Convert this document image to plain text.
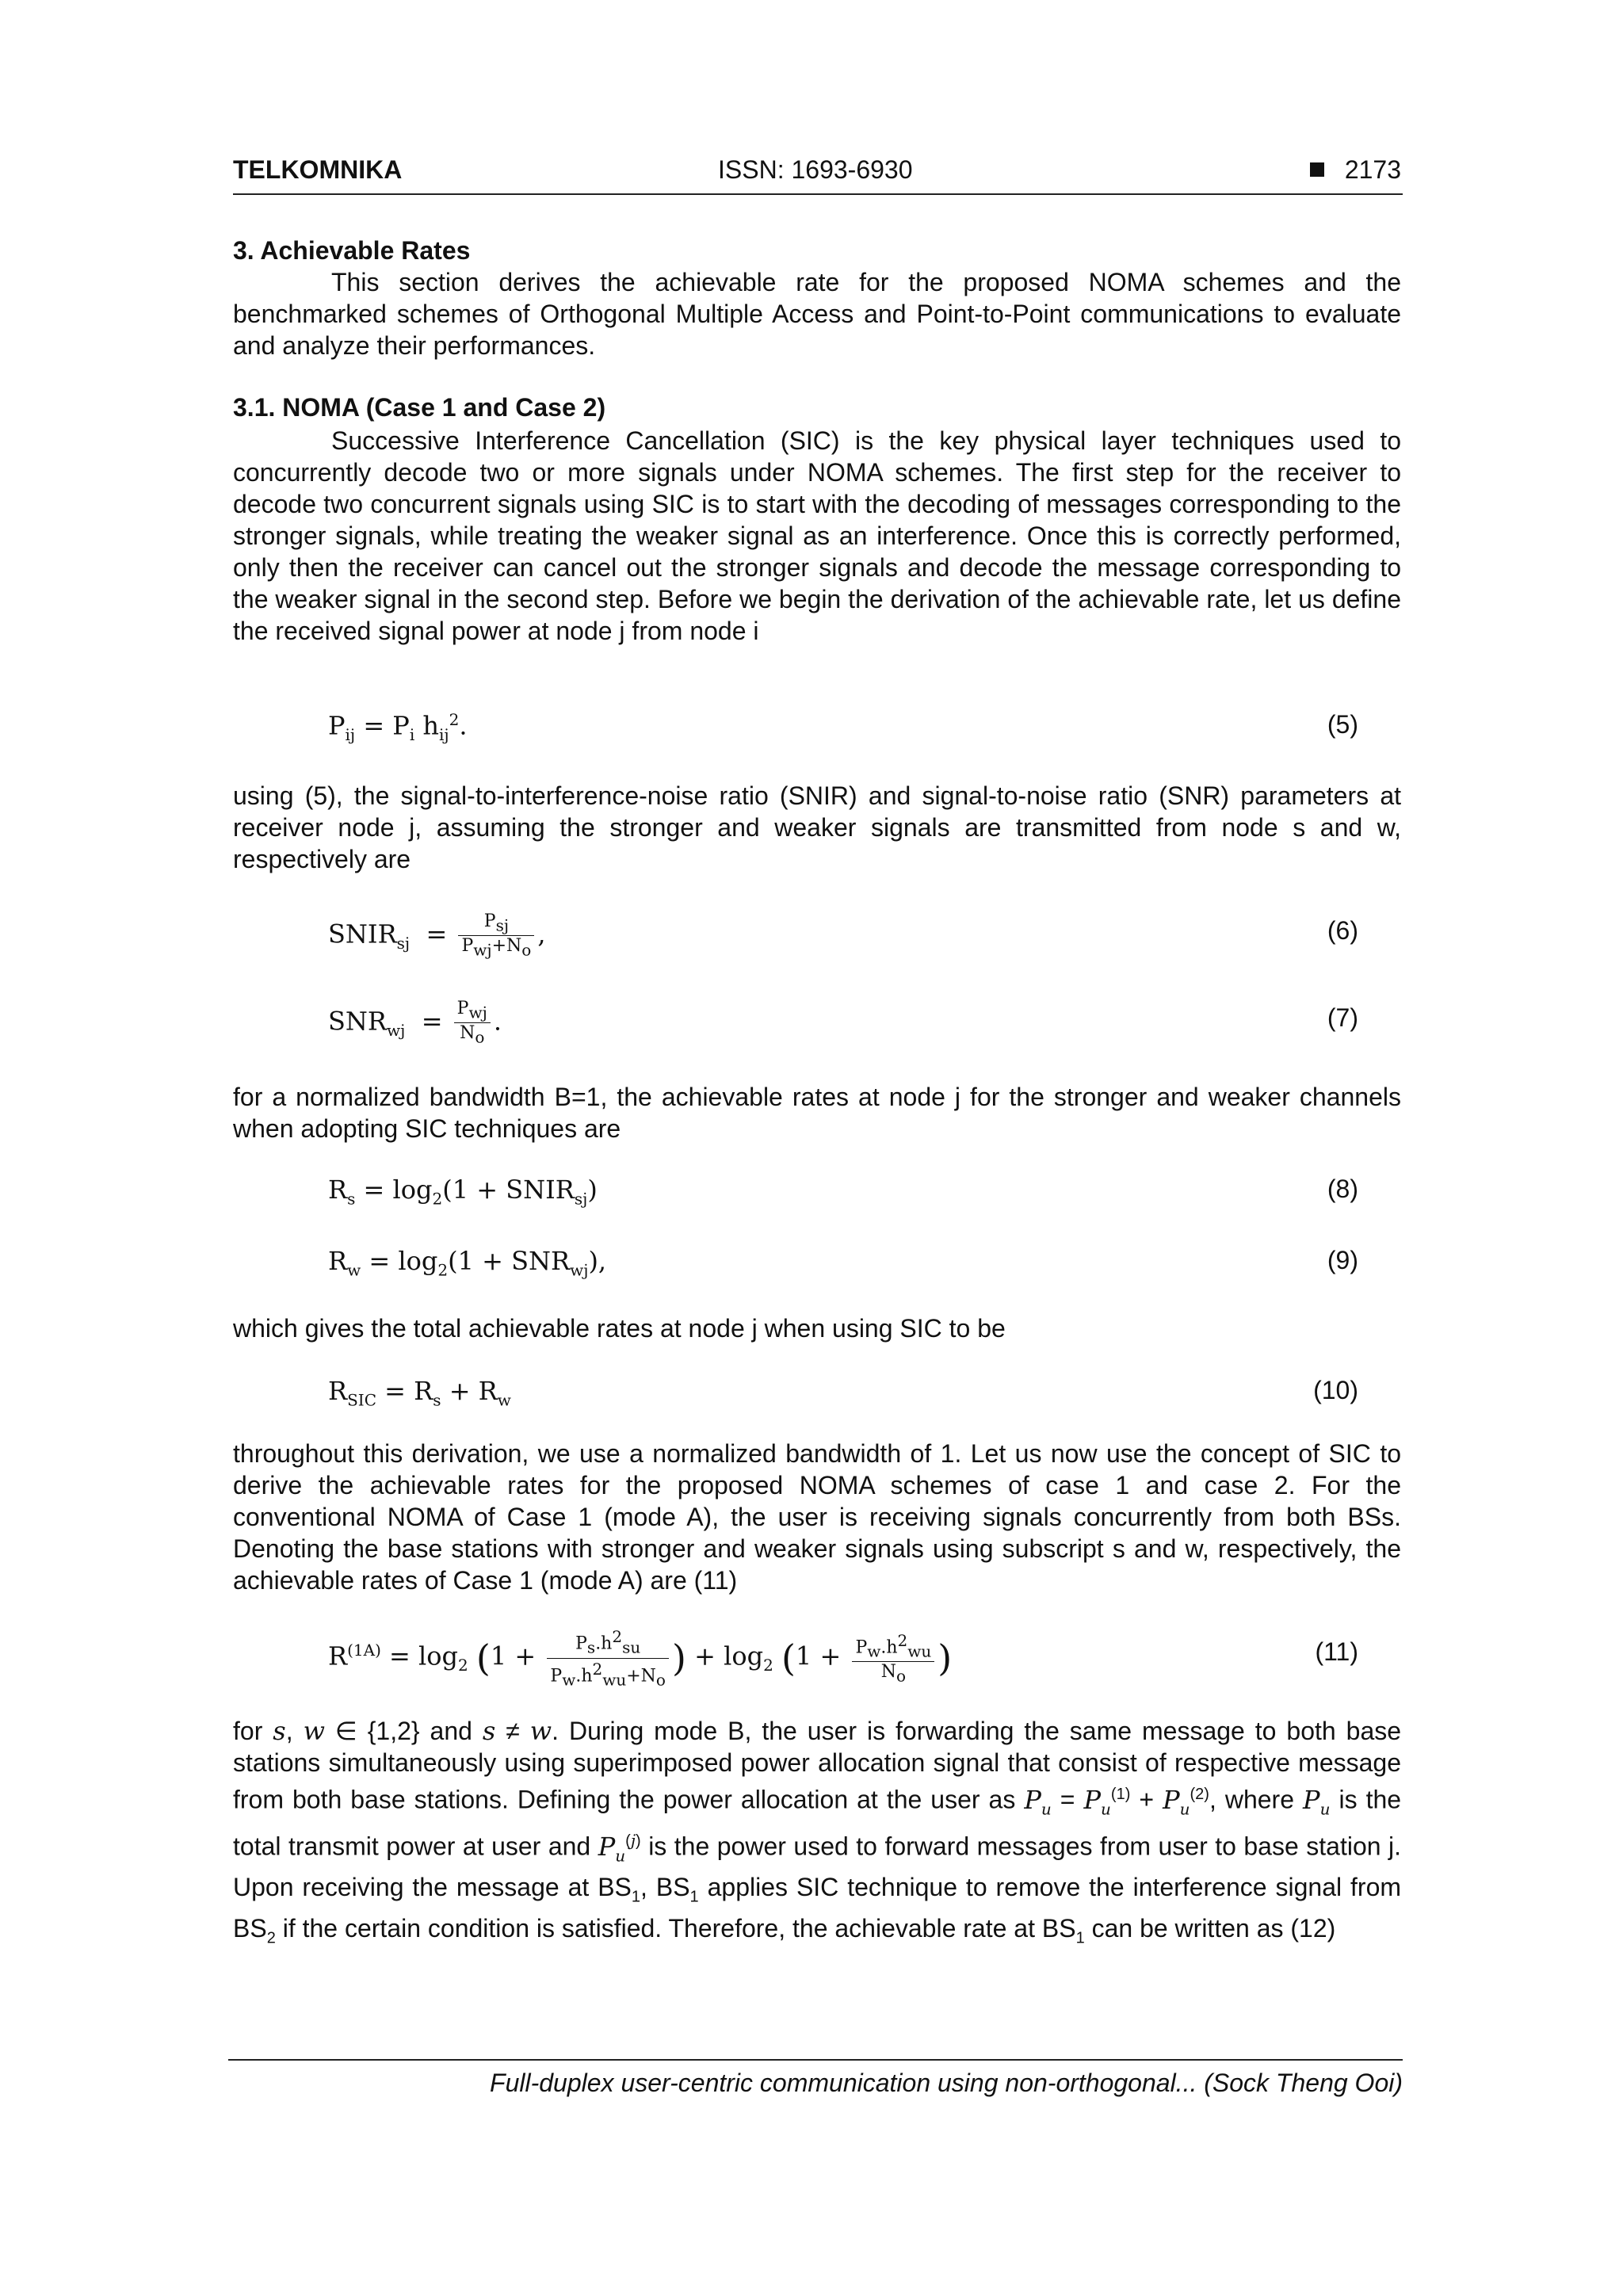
TELKOMNIKA	ISSN: 1693-6930	2173
3. Achievable Rates
This section derives the achievable rate for the proposed NOMA schemes and the benchmarked schemes of Orthogonal Multiple Access and Point-to-Point communications to evaluate and analyze their performances.
3.1. NOMA (Case 1 and Case 2)
Successive Interference Cancellation (SIC) is the key physical layer techniques used to concurrently decode two or more signals under NOMA schemes. The first step for the receiver to decode two concurrent signals using SIC is to start with the decoding of messages corresponding to the stronger signals, while treating the weaker signal as an interference. Once this is correctly performed, only then the receiver can cancel out the stronger signals and decode the message corresponding to the weaker signal in the second step. Before we begin the derivation of the achievable rate, let us define the received signal power at node j from node i
$P_{ij} = P_i$ $h_{ij}^2$.	(5)
using (5), the signal-to-interference-noise ratio (SNIR) and signal-to-noise ratio (SNR) parameters at receiver node j, assuming the stronger and weaker signals are transmitted from node s and w, respectively are
$SNIR_{sj} = \frac{P_{sj}}{P_{wj}+N_o}$ ,	(6)
$SNR_{wj} = \frac{P_{wj}}{N_o}$ .	(7)
for a normalized bandwidth B=1, the achievable rates at node j for the stronger and weaker channels when adopting SIC techniques are
$R_s = \log_2(1$ + $SNIR_{sj}$)	(8)
$R_w = \log_2(1 + SNR_{wj})$,	(9)
which gives the total achievable rates at node j when using SIC to be
$R_{SIC} = R_s + R_w$	(10)
throughout this derivation, we use a normalized bandwidth of 1. Let us now use the concept of SIC to derive the achievable rates for the proposed NOMA schemes of case 1 and case 2. For the conventional NOMA of Case 1 (mode A), the user is receiving signals concurrently from both BSs. Denoting the base stations with stronger and weaker signals using subscript s and w, respectively, the achievable rates of Case 1 (mode A) are (11)
$R^{(1A)} = \log_2 (1 + \frac{P_s.h^2_{su}}{P_w.h^2_{wu}+N_o}$ ) + $\log_2 (1 + \frac{P_w.h^2_{wu}}{N_o}$ )	(11)
for s, w ∈ {1,2} and s ≠ w. During mode B, the user is forwarding the same message to both base stations simultaneously using superimposed power allocation signal that consist of respective message from both base stations. Defining the power allocation at the user as $P_u = P_u^{(1)} + P_u^{(2)}$, where $P_u$ is the total transmit power at user and $P_u^{(j)}$ is the power used to forward messages from user to base station j. Upon receiving the message at $BS_1$, $BS_1$ applies SIC technique to remove the interference signal from $BS_2$ if the certain condition is satisfied. Therefore, the achievable rate at $BS_1$ can be written as (12)
Full-duplex user-centric communication using non-orthogonal... (Sock Theng Ooi)
